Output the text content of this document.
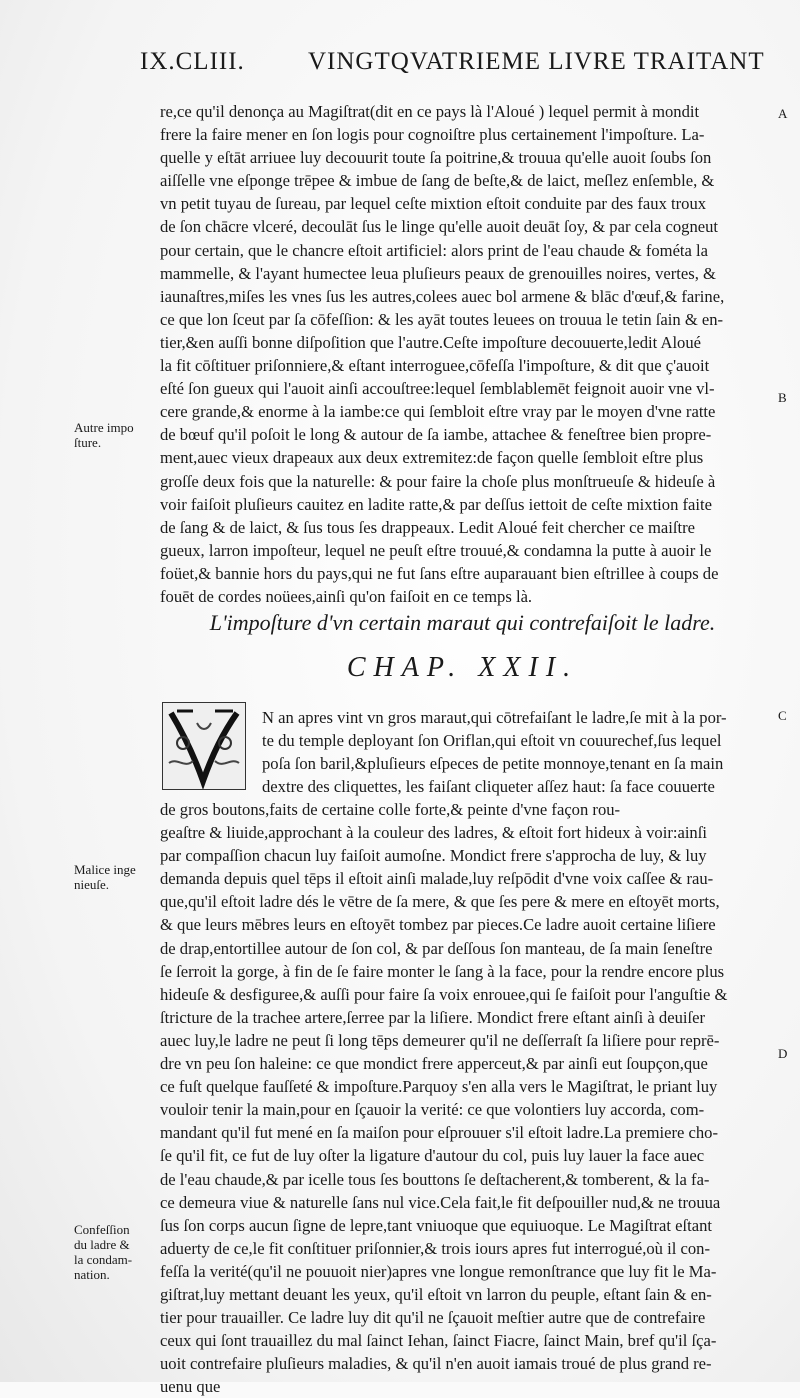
IX.CLIII.	VINGTQVATRIEME LIVRE TRAITANT
re,ce qu'il denonça au Magiſtrat(dit en ce pays là l'Aloué ) lequel permit à mondit
frere la faire mener en ſon logis pour cognoiſtre plus certainement l'impoſture. La-
quelle y eſtāt arriuee luy decouurit toute ſa poitrine,& trouua qu'elle auoit ſoubs ſon
aiſſelle vne eſponge trēpee & imbue de ſang de beſte,& de laict, meſlez enſemble, &
vn petit tuyau de ſureau, par lequel ceſte mixtion eſtoit conduite par des faux troux
de ſon chācre vlceré, decoulāt ſus le linge qu'elle auoit deuāt ſoy, & par cela cogneut
pour certain, que le chancre eſtoit artificiel: alors print de l'eau chaude & fométa la
mammelle, & l'ayant humectee leua pluſieurs peaux de grenouilles noires, vertes, &
iaunaſtres,miſes les vnes ſus les autres,colees auec bol armene & blāc d'œuf,& farine,
ce que lon ſceut par ſa cōfeſſion: & les ayāt toutes leuees on trouua le tetin ſain & en-
tier,&en auſſi bonne diſpoſition que l'autre.Ceſte impoſture decouuerte,ledit Aloué
la fit cōſtituer priſonniere,& eſtant interroguee,cōfeſſa l'impoſture, & dit que ç'auoit
eſté ſon gueux qui l'auoit ainſi accouſtree:lequel ſemblablemēt feignoit auoir vne vl-
cere grande,& enorme à la iambe:ce qui ſembloit eſtre vray par le moyen d'vne ratte
de bœuf qu'il poſoit le long & autour de ſa iambe, attachee & feneſtree bien propre-
ment,auec vieux drapeaux aux deux extremitez:de façon quelle ſembloit eſtre plus
groſſe deux fois que la naturelle: & pour faire la choſe plus monſtrueuſe & hideuſe à
voir faiſoit pluſieurs cauitez en ladite ratte,& par deſſus iettoit de ceſte mixtion faite
de ſang & de laict, & ſus tous ſes drappeaux. Ledit Aloué feit chercher ce maiſtre
gueux, larron impoſteur, lequel ne peuſt eſtre trouué,& condamna la putte à auoir le
foüet,& bannie hors du pays,qui ne fut ſans eſtre auparauant bien eſtrillee à coups de
fouēt de cordes noüees,ainſi qu'on faiſoit en ce temps là.
L'impoſture d'vn certain maraut qui contrefaiſoit le ladre.
CHAP. XXII.
N an apres vint vn gros maraut,qui cōtrefaiſant le ladre,ſe mit à la por-
te du temple deployant ſon Oriflan,qui eſtoit vn couurechef,ſus lequel
poſa ſon baril,&pluſieurs eſpeces de petite monnoye,tenant en ſa main
dextre des cliquettes, les faiſant cliqueter aſſez haut: ſa face couuerte
de gros boutons,faits de certaine colle forte,& peinte d'vne façon rou-
geaſtre & liuide,approchant à la couleur des ladres, & eſtoit fort hideux à voir:ainſi
par compaſſion chacun luy faiſoit aumoſne. Mondict frere s'approcha de luy, & luy
demanda depuis quel tēps il eſtoit ainſi malade,luy reſpōdit d'vne voix caſſee & rau-
que,qu'il eſtoit ladre dés le vētre de ſa mere, & que ſes pere & mere en eſtoyēt morts,
& que leurs mēbres leurs en eſtoyēt tombez par pieces.Ce ladre auoit certaine liſiere
de drap,entortillee autour de ſon col, & par deſſous ſon manteau, de ſa main ſeneſtre
ſe ſerroit la gorge, à fin de ſe faire monter le ſang à la face, pour la rendre encore plus
hideuſe & desfiguree,& auſſi pour faire ſa voix enrouee,qui ſe faiſoit pour l'anguſtie &
ſtricture de la trachee artere,ſerree par la liſiere. Mondict frere eſtant ainſi à deuiſer
auec luy,le ladre ne peut ſi long tēps demeurer qu'il ne deſſerraſt ſa liſiere pour reprē-
dre vn peu ſon haleine: ce que mondict frere apperceut,& par ainſi eut ſoupçon,que
ce fuſt quelque fauſſeté & impoſture.Parquoy s'en alla vers le Magiſtrat, le priant luy
vouloir tenir la main,pour en ſçauoir la verité: ce que volontiers luy accorda, com-
mandant qu'il fut mené en ſa maiſon pour eſprouuer s'il eſtoit ladre.La premiere cho-
ſe qu'il fit, ce fut de luy oſter la ligature d'autour du col, puis luy lauer la face auec
de l'eau chaude,& par icelle tous ſes bouttons ſe deſtacherent,& tomberent, & la fa-
ce demeura viue & naturelle ſans nul vice.Cela fait,le fit deſpouiller nud,& ne trouua
ſus ſon corps aucun ſigne de lepre,tant vniuoque que equiuoque. Le Magiſtrat eſtant
aduerty de ce,le fit conſtituer priſonnier,& trois iours apres fut interrogué,où il con-
feſſa la verité(qu'il ne pouuoit nier)apres vne longue remonſtrance que luy fit le Ma-
giſtrat,luy mettant deuant les yeux, qu'il eſtoit vn larron du peuple, eſtant ſain & en-
tier pour trauailler. Ce ladre luy dit qu'il ne ſçauoit meſtier autre que de contrefaire
ceux qui ſont trauaillez du mal ſainct Iehan, ſainct Fiacre, ſainct Main, bref qu'il ſça-
uoit contrefaire pluſieurs maladies, & qu'il n'en auoit iamais troué de plus grand re-
uenu que
Autre impo
ſture.
Malice inge
nieuſe.
Confeſſion
du ladre &
la condam-
nation.
A
B
C
D
